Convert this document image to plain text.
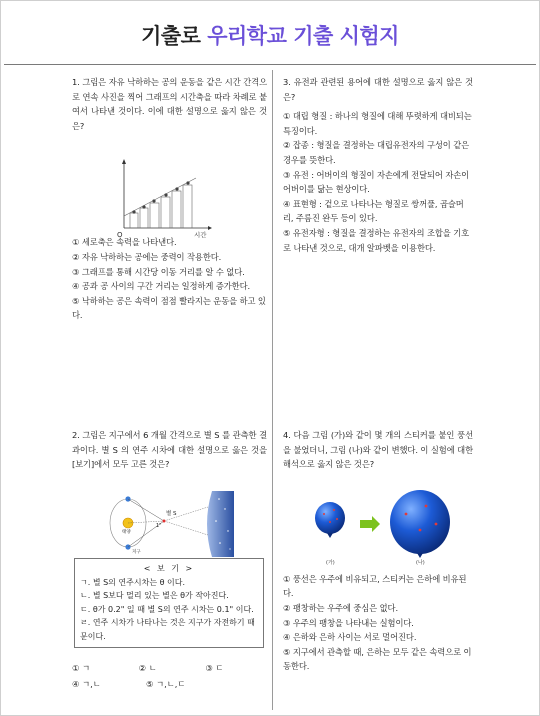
기출로 우리학교 기출 시험지

1. 그림은 자유 낙하하는 공의 운동을 같은 시간 간격으로 연속 사진을 찍어 그래프의 시간축을 따라 차례로 붙여서 나타낸 것이다. 이에 대한 설명으로 옳지 않은 것은?

① 세로축은 속력을 나타낸다.

② 자유 낙하하는 공에는 중력이 작용한다.

③ 그래프를 통해 시간당 이동 거리를 알 수 없다.

④ 공과 공 사이의 구간 거리는 일정하게 증가한다.

⑤ 낙하하는 공은 속력이 점점 빨라지는 운동을 하고 있다.

O	시간

3. 유전과 관련된 용어에 대한 설명으로 옳지 않은 것은?

① 대립 형질 : 하나의 형질에 대해 뚜렷하게 대비되는 특징이다.

② 잡종 : 형질을 결정하는 대립유전자의 구성이 같은 경우를 뜻한다.

③ 유전 : 어버이의 형질이 자손에게 전달되어 자손이 어버이를 닮는 현상이다.

④ 표현형 : 겉으로 나타나는 형질로 쌍꺼풀, 곱슬머리, 주름진 완두 등이 있다.

⑤ 유전자형 : 형질을 결정하는 유전자의 조합을 기호로 나타낸 것으로, 대개 알파벳을 이용한다.

2. 그림은 지구에서 6 개월 간격으로 별 S 를 관측한 결과이다. 별 S 의 연주 시차에 대한 설명으로 옳은 것을 [보기]에서 모두 고른 것은?

별 S
1"
태양
지구
< 보 기 >
ㄱ. 별 S의 연주시차는 θ 이다.
ㄴ. 별 S보다 멀리 있는 별은 θ가 작아진다.
ㄷ. θ가 0.2" 일 때 별 S의 연주 시차는 0.1" 이다.
ㄹ. 연주 시차가 나타나는 것은 지구가 자전하기 때문이다.
① ㄱ	② ㄴ	③ ㄷ
④ ㄱ,ㄴ	⑤ ㄱ,ㄴ,ㄷ

4. 다음 그림 (가)와 같이 몇 개의 스티커를 붙인 풍선을 불었더니, 그림 (나)와 같이 변했다. 이 실험에 대한 해석으로 옳지 않은 것은?

① 풍선은 우주에 비유되고, 스티커는 은하에 비유된다.

② 팽창하는 우주에 중심은 없다.

③ 우주의 팽창을 나타내는 실험이다.

④ 은하와 은하 사이는 서로 멀어진다.

⑤ 지구에서 관측할 때, 은하는 모두 같은 속력으로 이동한다.

(가)	(나)
